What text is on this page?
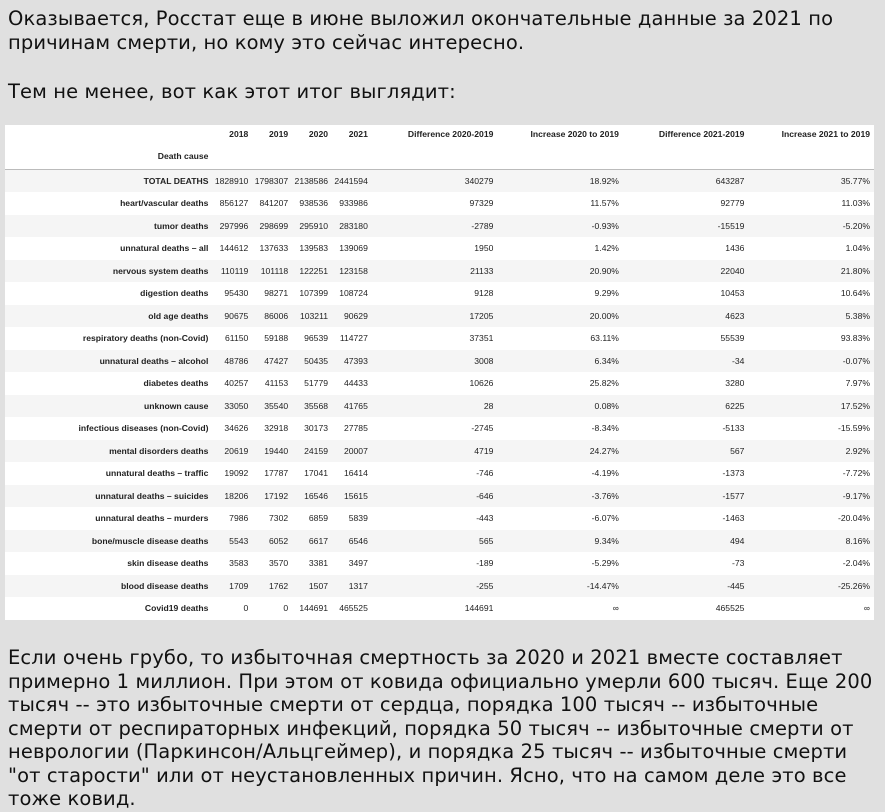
Оказывается, Росстат еще в июне выложил окончательные данные за 2021 по причинам смерти, но кому это сейчас интересно.

Тем не менее, вот как этот итог выглядит:

	2018	2019	2020	2021	Difference 2020-2019	Increase 2020 to 2019	Difference 2021-2019	Increase 2021 to 2019
Death cause								
TOTAL DEATHS	1828910	1798307	2138586	2441594	340279	18.92%	643287	35.77%
heart/vascular deaths	856127	841207	938536	933986	97329	11.57%	92779	11.03%
tumor deaths	297996	298699	295910	283180	-2789	-0.93%	-15519	-5.20%
unnatural deaths – all	144612	137633	139583	139069	1950	1.42%	1436	1.04%
nervous system deaths	110119	101118	122251	123158	21133	20.90%	22040	21.80%
digestion deaths	95430	98271	107399	108724	9128	9.29%	10453	10.64%
old age deaths	90675	86006	103211	90629	17205	20.00%	4623	5.38%
respiratory deaths (non-Covid)	61150	59188	96539	114727	37351	63.11%	55539	93.83%
unnatural deaths – alcohol	48786	47427	50435	47393	3008	6.34%	-34	-0.07%
diabetes deaths	40257	41153	51779	44433	10626	25.82%	3280	7.97%
unknown cause	33050	35540	35568	41765	28	0.08%	6225	17.52%
infectious diseases (non-Covid)	34626	32918	30173	27785	-2745	-8.34%	-5133	-15.59%
mental disorders deaths	20619	19440	24159	20007	4719	24.27%	567	2.92%
unnatural deaths – traffic	19092	17787	17041	16414	-746	-4.19%	-1373	-7.72%
unnatural deaths – suicides	18206	17192	16546	15615	-646	-3.76%	-1577	-9.17%
unnatural deaths – murders	7986	7302	6859	5839	-443	-6.07%	-1463	-20.04%
bone/muscle disease deaths	5543	6052	6617	6546	565	9.34%	494	8.16%
skin disease deaths	3583	3570	3381	3497	-189	-5.29%	-73	-2.04%
blood disease deaths	1709	1762	1507	1317	-255	-14.47%	-445	-25.26%
Covid19 deaths	0	0	144691	465525	144691	∞	465525	∞

Если очень грубо, то избыточная смертность за 2020 и 2021 вместе составляет примерно 1 миллион. При этом от ковида официально умерли 600 тысяч. Еще 200 тысяч -- это избыточные смерти от сердца, порядка 100 тысяч -- избыточные смерти от респираторных инфекций, порядка 50 тысяч -- избыточные смерти от неврологии (Паркинсон/Альцгеймер), и порядка 25 тысяч -- избыточные смерти "от старости" или от неустановленных причин. Ясно, что на самом деле это все тоже ковид.
